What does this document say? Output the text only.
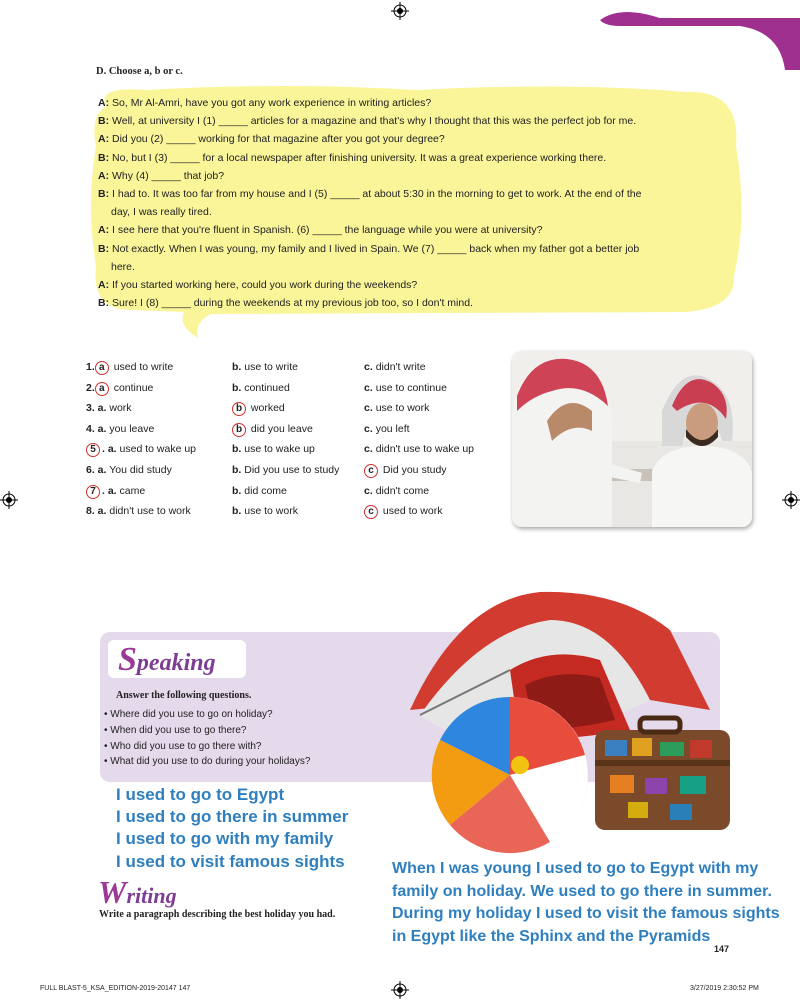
D. Choose a, b or c.
A: So, Mr Al-Amri, have you got any work experience in writing articles?
B: Well, at university I (1) _____ articles for a magazine and that's why I thought that this was the perfect job for me.
A: Did you (2) _____ working for that magazine after you got your degree?
B: No, but I (3) _____ for a local newspaper after finishing university. It was a great experience working there.
A: Why (4) _____ that job?
B: I had to. It was too far from my house and I (5) _____ at about 5:30 in the morning to get to work. At the end of the
day, I was really tired.
A: I see here that you're fluent in Spanish. (6) _____ the language while you were at university?
B: Not exactly. When I was young, my family and I lived in Spain. We (7) _____ back when my father got a better job
here.
A: If you started working here, could you work during the weekends?
B: Sure! I (8) _____ during the weekends at my previous job too, so I don't mind.
1. a used to write	b. use to write	c. didn't write
2. a continue	b. continued	c. use to continue
3. a. work	b worked	c. use to work
4. a. you leave	b did you leave	c. you left
5 . a. used to wake up	b. use to wake up	c. didn't use to wake up
6. a. You did study	b. Did you use to study	c Did you study
7 . a. came	b. did come	c. didn't come
8. a. didn't use to work	b. use to work	c used to work
Speaking
Answer the following questions.
• Where did you use to go on holiday?
• When did you use to go there?
• Who did you use to go there with?
• What did you use to do during your holidays?
I used to go to Egypt
I used to go there in summer
I used to go with my family
I used to visit famous sights
Writing
Write a paragraph describing the best holiday you had.
When I was young I used to go to Egypt with my family on holiday. We used to go there in summer. During my holiday I used to visit the famous sights in Egypt like the Sphinx and the Pyramids
147
FULL BLAST-5_KSA_EDITION-2019-20147 147	3/27/2019 2:30:52 PM
